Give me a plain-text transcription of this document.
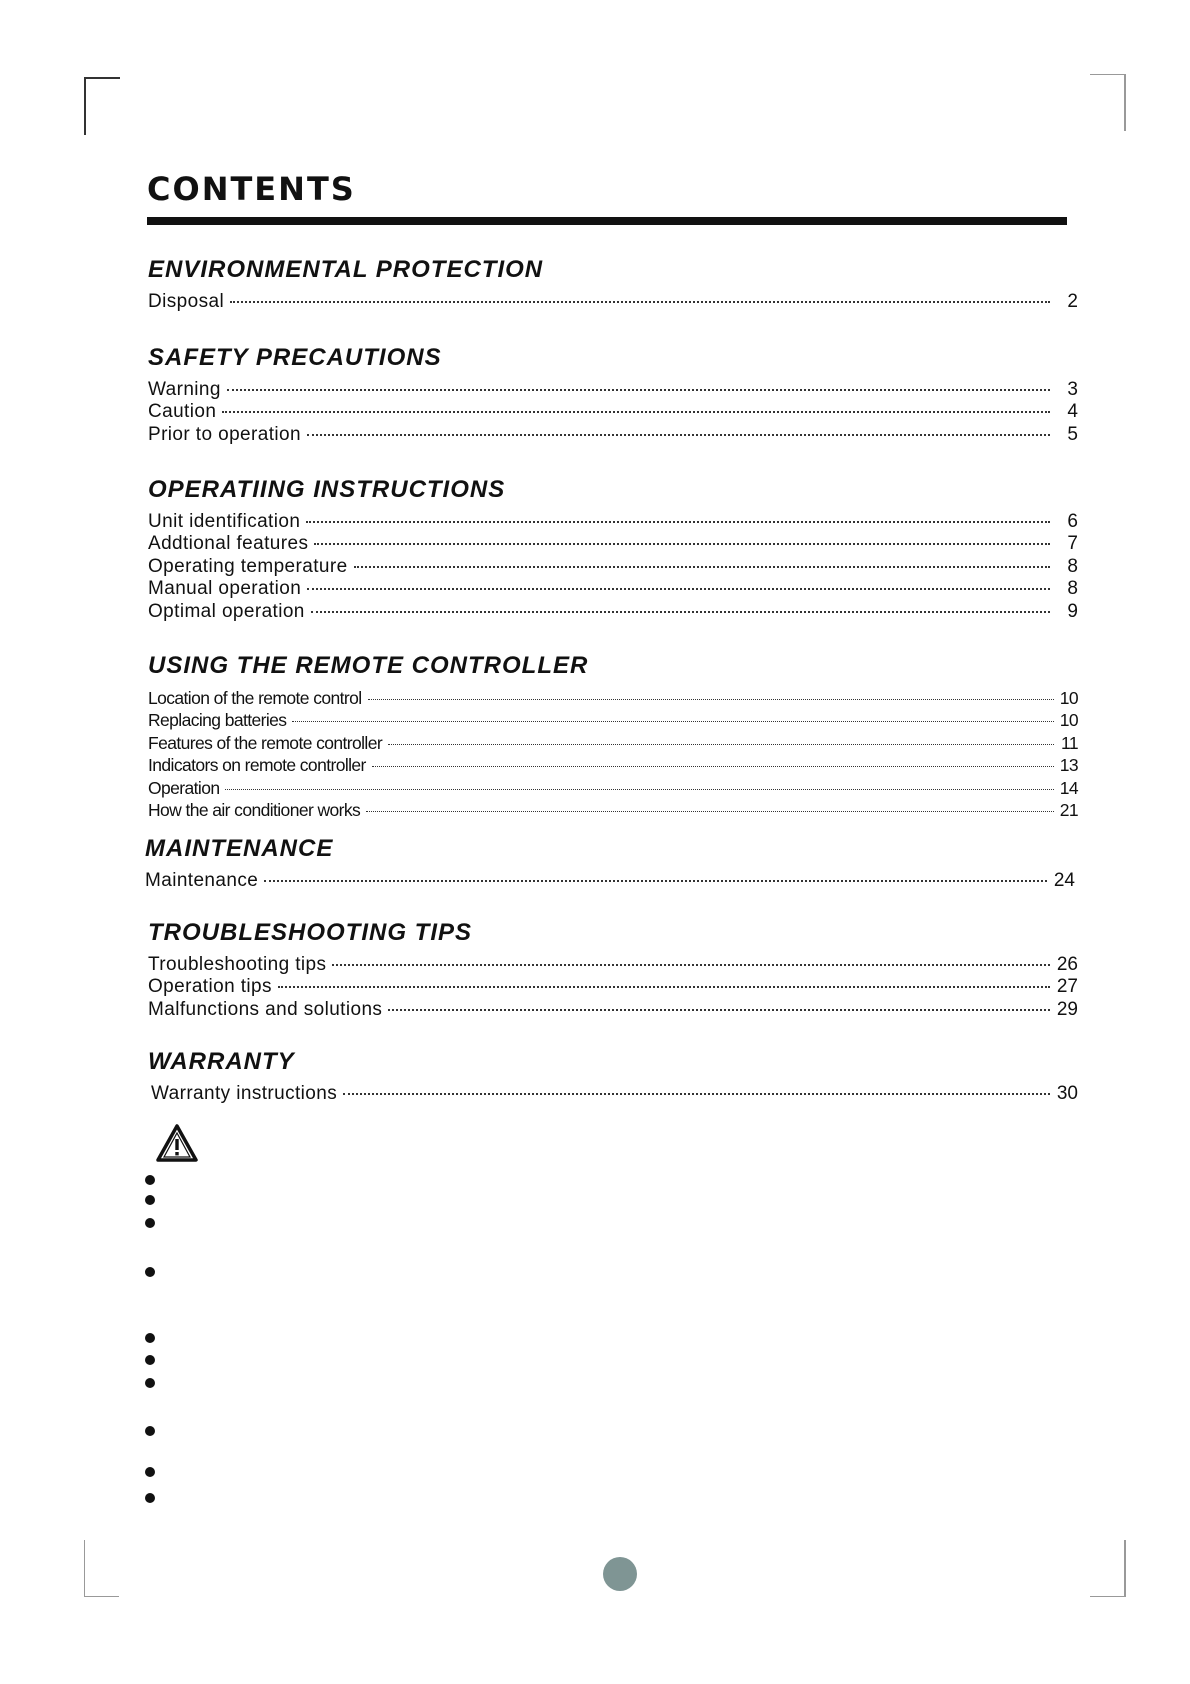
CONTENTS
ENVIRONMENTAL PROTECTION
Disposal	2
SAFETY PRECAUTIONS
Warning	3
Caution	4
Prior to operation	5
OPERATIING INSTRUCTIONS
Unit identification	6
Addtional features	7
Operating temperature	8
Manual operation	8
Optimal operation	9
USING THE REMOTE CONTROLLER
Location of the remote control	10
Replacing batteries	10
Features of the remote controller	11
Indicators on remote controller	13
Operation	14
How the air conditioner works	21
MAINTENANCE
Maintenance	24
TROUBLESHOOTING TIPS
Troubleshooting tips	26
Operation tips	27
Malfunctions and solutions	29
WARRANTY
Warranty instructions	30
